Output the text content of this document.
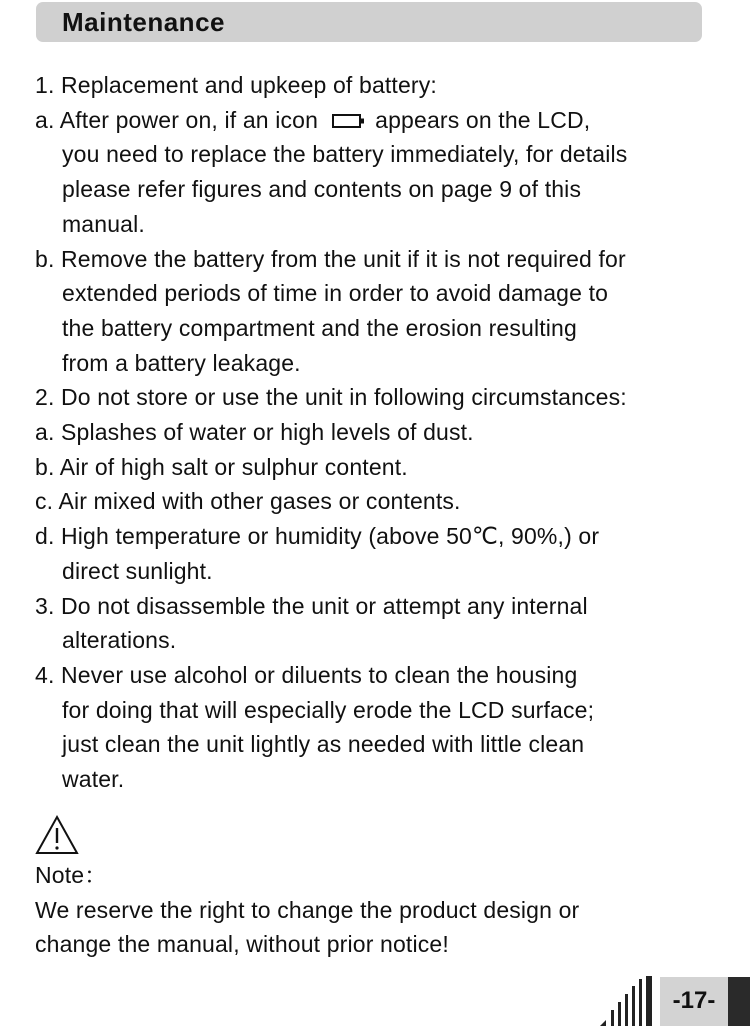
Maintenance
1. Replacement and upkeep of battery:
a. After power on, if an icon appears on the LCD,
you need to replace the battery immediately, for details
please refer figures and contents on page 9 of this
manual.
b. Remove the battery from the unit if it is not required for
extended periods of time in order to avoid damage to
the battery compartment and the erosion resulting
from a battery leakage.
2. Do not store or use the unit in following circumstances:
a. Splashes of water or high levels of dust.
b. Air of high salt or sulphur content.
c. Air mixed with other gases or contents.
d. High temperature or humidity (above 50℃, 90%,) or
direct sunlight.
3. Do not disassemble the unit or attempt any internal
alterations.
4. Never use alcohol or diluents to clean the housing
for doing that will especially erode the LCD surface;
just clean the unit lightly as needed with little clean
water.
Note：
We reserve the right to change the product design or
change the manual, without prior notice!
-17-
